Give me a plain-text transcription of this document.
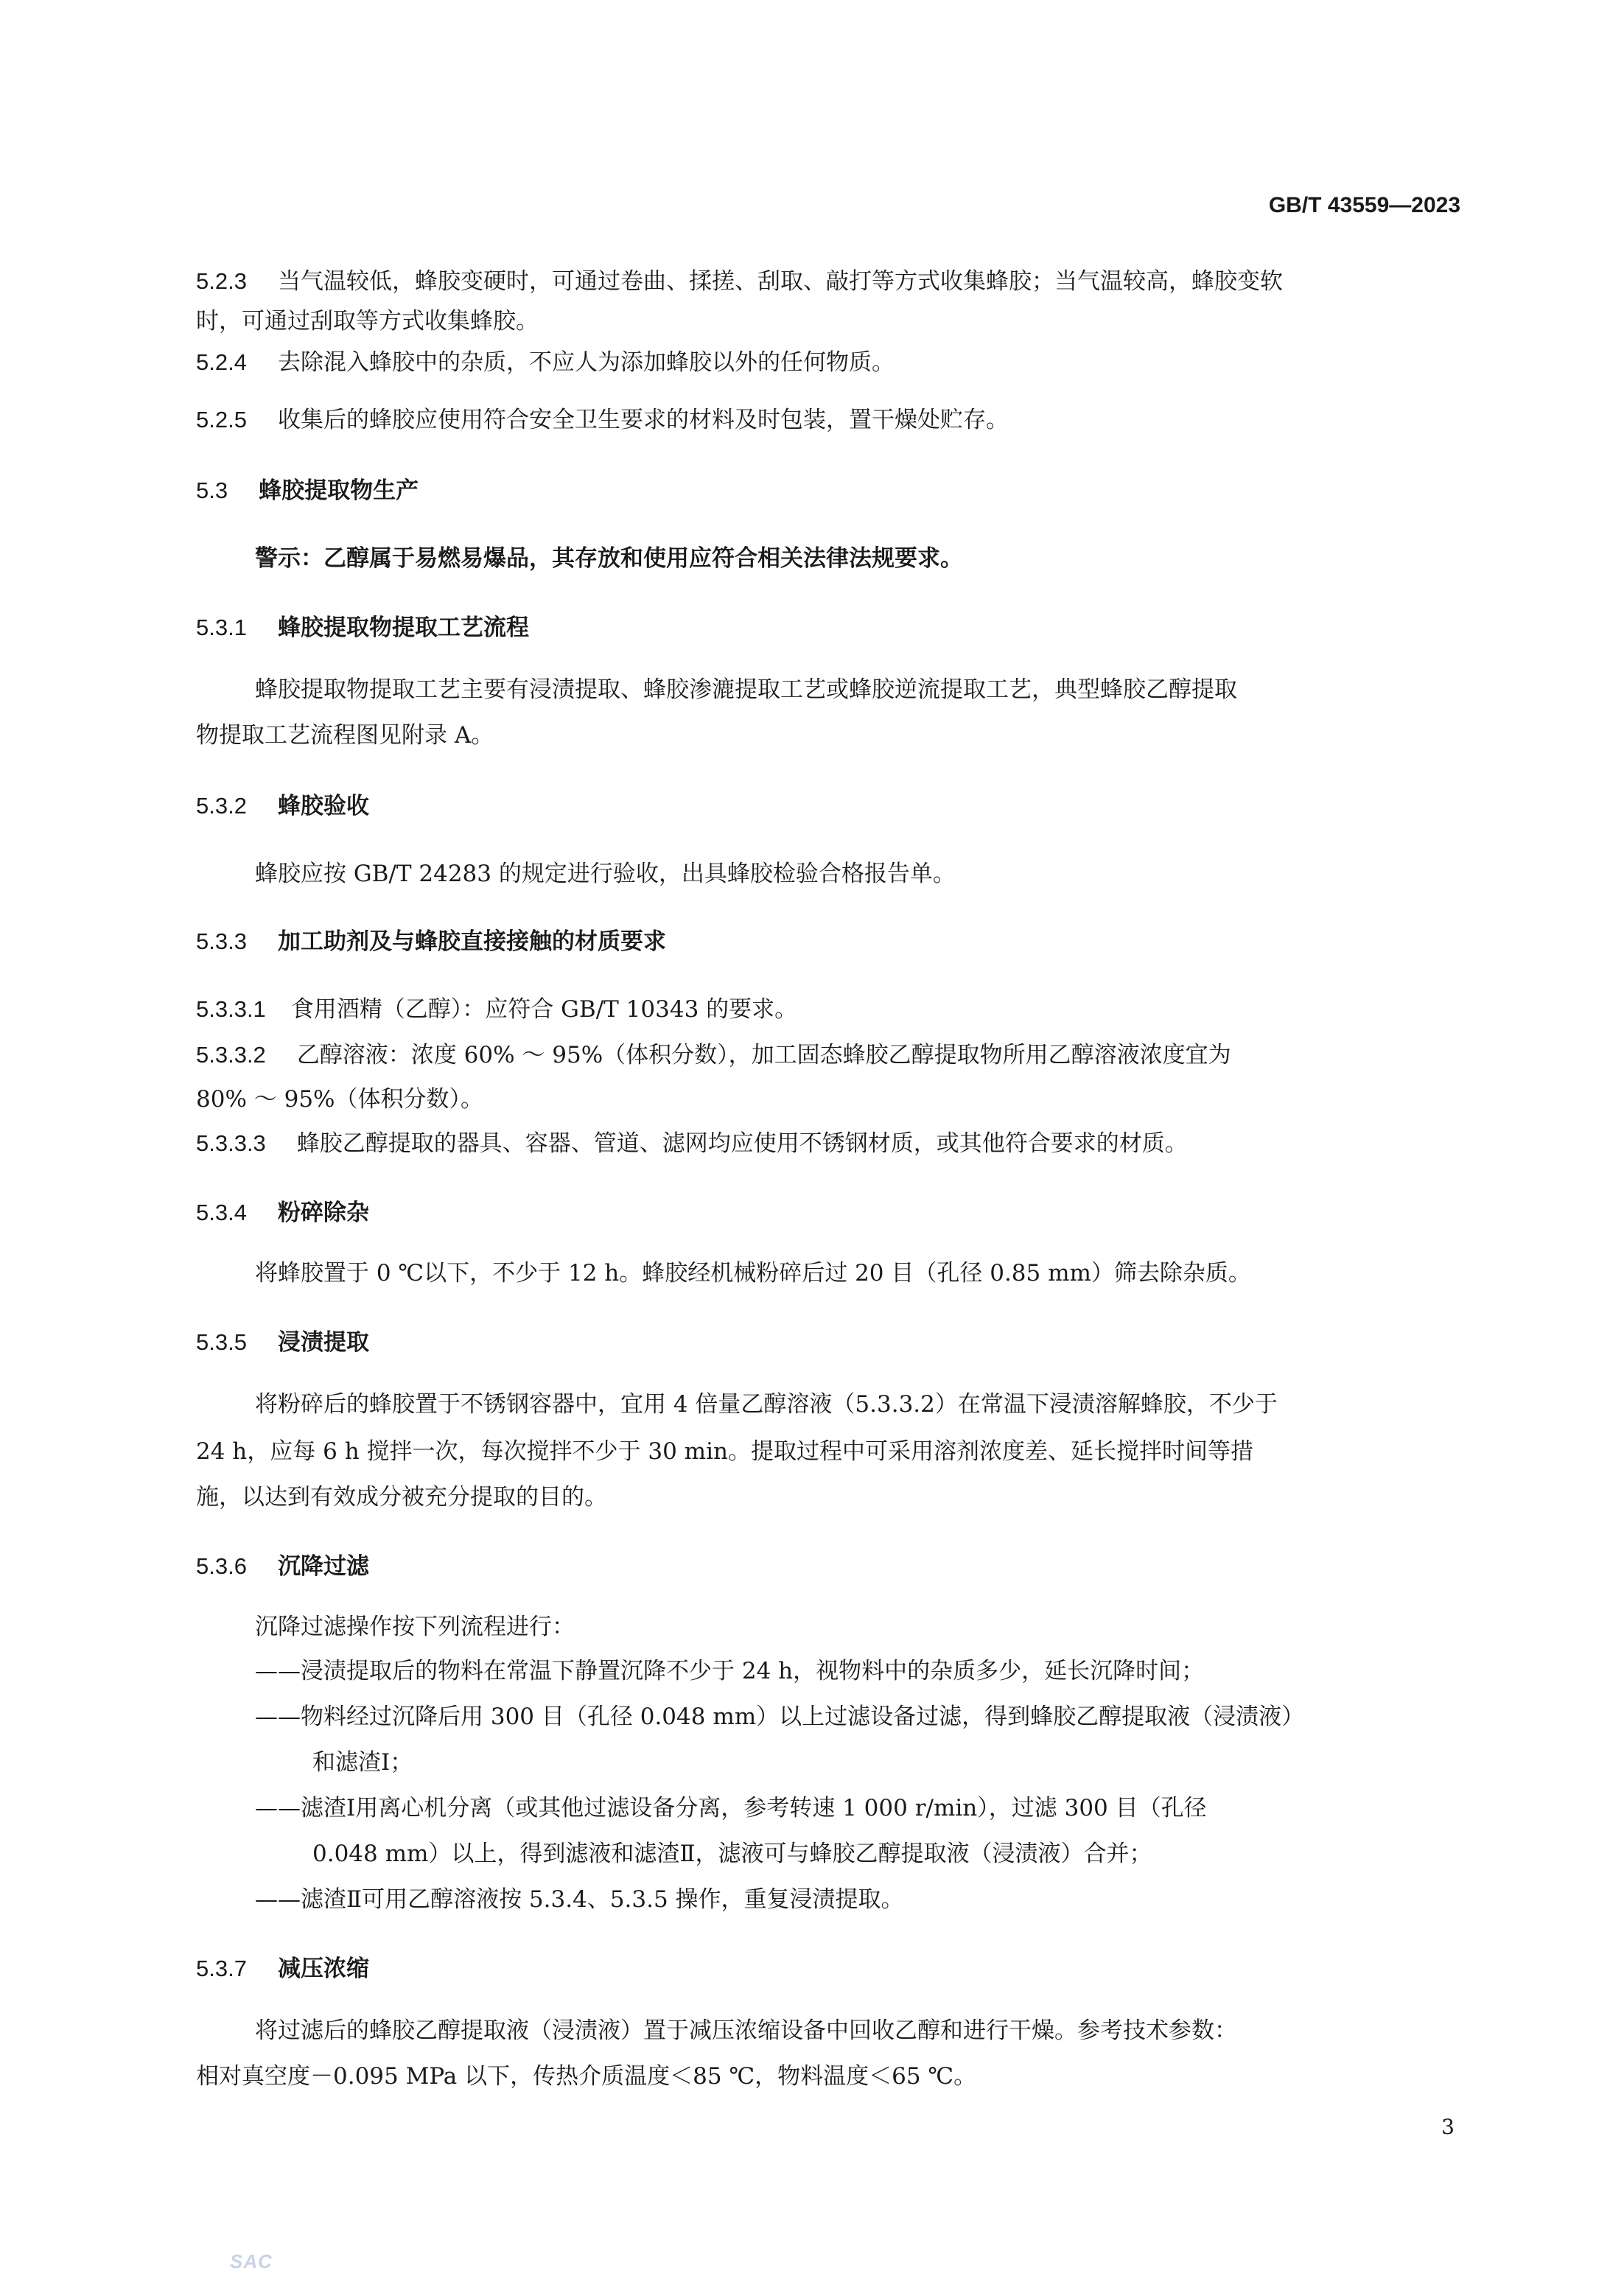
GB/T 43559—2023
5.2.3 当气温较低，蜂胶变硬时，可通过卷曲、揉搓、刮取、敲打等方式收集蜂胶；当气温较高，蜂胶变软
时，可通过刮取等方式收集蜂胶。
5.2.4 去除混入蜂胶中的杂质，不应人为添加蜂胶以外的任何物质。
5.2.5 收集后的蜂胶应使用符合安全卫生要求的材料及时包装，置干燥处贮存。
5.3 蜂胶提取物生产
警示：乙醇属于易燃易爆品，其存放和使用应符合相关法律法规要求。
5.3.1 蜂胶提取物提取工艺流程
蜂胶提取物提取工艺主要有浸渍提取、蜂胶渗漉提取工艺或蜂胶逆流提取工艺，典型蜂胶乙醇提取
物提取工艺流程图见附录 A。
5.3.2 蜂胶验收
蜂胶应按 GB/T 24283 的规定进行验收，出具蜂胶检验合格报告单。
5.3.3 加工助剂及与蜂胶直接接触的材质要求
5.3.3.1 食用酒精（乙醇）：应符合 GB/T 10343 的要求。
5.3.3.2 乙醇溶液：浓度 60% ～ 95%（体积分数），加工固态蜂胶乙醇提取物所用乙醇溶液浓度宜为
80% ～ 95%（体积分数）。
5.3.3.3 蜂胶乙醇提取的器具、容器、管道、滤网均应使用不锈钢材质，或其他符合要求的材质。
5.3.4 粉碎除杂
将蜂胶置于 0 ℃以下，不少于 12 h。蜂胶经机械粉碎后过 20 目（孔径 0.85 mm）筛去除杂质。
5.3.5 浸渍提取
将粉碎后的蜂胶置于不锈钢容器中，宜用 4 倍量乙醇溶液（5.3.3.2）在常温下浸渍溶解蜂胶，不少于
24 h，应每 6 h 搅拌一次，每次搅拌不少于 30 min。提取过程中可采用溶剂浓度差、延长搅拌时间等措
施，以达到有效成分被充分提取的目的。
5.3.6 沉降过滤
沉降过滤操作按下列流程进行：
——浸渍提取后的物料在常温下静置沉降不少于 24 h，视物料中的杂质多少，延长沉降时间；
——物料经过沉降后用 300 目（孔径 0.048 mm）以上过滤设备过滤，得到蜂胶乙醇提取液（浸渍液）
和滤渣Ⅰ；
——滤渣Ⅰ用离心机分离（或其他过滤设备分离，参考转速 1 000 r/min），过滤 300 目（孔径
0.048 mm）以上，得到滤液和滤渣Ⅱ，滤液可与蜂胶乙醇提取液（浸渍液）合并；
——滤渣Ⅱ可用乙醇溶液按 5.3.4、5.3.5 操作，重复浸渍提取。
5.3.7 减压浓缩
将过滤后的蜂胶乙醇提取液（浸渍液）置于减压浓缩设备中回收乙醇和进行干燥。参考技术参数：
相对真空度－0.095 MPa 以下，传热介质温度＜85 ℃，物料温度＜65 ℃。
3
SAC
